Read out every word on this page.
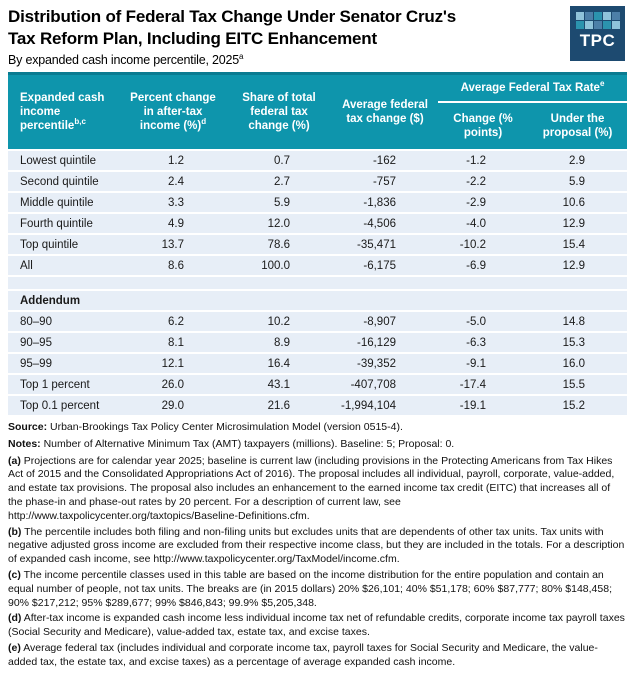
Distribution of Federal Tax Change Under Senator Cruz's
Tax Reform Plan, Including EITC Enhancement
By expanded cash income percentile, 2025$^a$
TPC
Expanded cash income percentile$^{b,c}$	Percent change in after-tax income (%)$^d$	Share of total federal tax change (%)	Average federal tax change ($)	Average Federal Tax Rate$^e$
				Change (% points)	Under the proposal (%)
Lowest quintile	1.2	0.7	-162	-1.2	2.9
Second quintile	2.4	2.7	-757	-2.2	5.9
Middle quintile	3.3	5.9	-1,836	-2.9	10.6
Fourth quintile	4.9	12.0	-4,506	-4.0	12.9
Top quintile	13.7	78.6	-35,471	-10.2	15.4
All	8.6	100.0	-6,175	-6.9	12.9

Addendum					
80–90	6.2	10.2	-8,907	-5.0	14.8
90–95	8.1	8.9	-16,129	-6.3	15.3
95–99	12.1	16.4	-39,352	-9.1	16.0
Top 1 percent	26.0	43.1	-407,708	-17.4	15.5
Top 0.1 percent	29.0	21.6	-1,994,104	-19.1	15.2

Source: Urban-Brookings Tax Policy Center Microsimulation Model (version 0515-4).

Notes: Number of Alternative Minimum Tax (AMT) taxpayers (millions). Baseline: 5; Proposal: 0.

(a) Projections are for calendar year 2025; baseline is current law (including provisions in the Protecting Americans from Tax Hikes Act of 2015 and the Consolidated Appropriations Act of 2016). The proposal includes all individual, payroll, corporate, value-added, and estate tax provisions. The proposal also includes an enhancement to the earned income tax credit (EITC) that increases all of the phase-in and phase-out rates by 20 percent. For a description of current law, see http://www.taxpolicycenter.org/taxtopics/Baseline-Definitions.cfm.

(b) The percentile includes both filing and non-filing units but excludes units that are dependents of other tax units. Tax units with negative adjusted gross income are excluded from their respective income class, but they are included in the totals. For a description of expanded cash income, see http://www.taxpolicycenter.org/TaxModel/income.cfm.

(c) The income percentile classes used in this table are based on the income distribution for the entire population and contain an equal number of people, not tax units. The breaks are (in 2015 dollars) 20% $26,101; 40% $51,178; 60% $87,777; 80% $148,458; 90% $217,212; 95% $289,677; 99% $846,843; 99.9% $5,205,348.

(d) After-tax income is expanded cash income less individual income tax net of refundable credits, corporate income tax payroll taxes (Social Security and Medicare), value-added tax, estate tax, and excise taxes.

(e) Average federal tax (includes individual and corporate income tax, payroll taxes for Social Security and Medicare, the value-added tax, the estate tax, and excise taxes) as a percentage of average expanded cash income.
